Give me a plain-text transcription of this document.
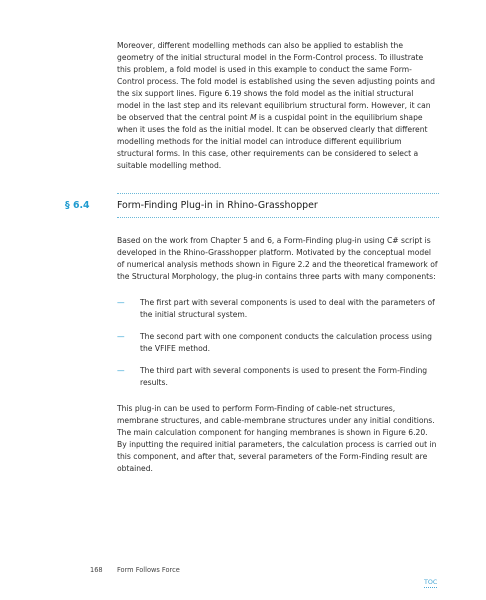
Moreover, different modelling methods can also be applied to establish the geometry of the initial structural model in the Form-Control process. To illustrate this problem, a fold model is used in this example to conduct the same Form-Control process. The fold model is established using the seven adjusting points and the six support lines. Figure 6.19 shows the fold model as the initial structural model in the last step and its relevant equilibrium structural form. However, it can be observed that the central point M is a cuspidal point in the equilibrium shape when it uses the fold as the initial model. It can be observed clearly that different modelling methods for the initial model can introduce different equilibrium structural forms. In this case, other requirements can be considered to select a suitable modelling method.

§ 6.4	Form-Finding Plug-in in Rhino-Grasshopper

Based on the work from Chapter 5 and 6, a Form-Finding plug-in using C# script is developed in the Rhino-Grasshopper platform. Motivated by the conceptual model of numerical analysis methods shown in Figure 2.2 and the theoretical framework of the Structural Morphology, the plug-in contains three parts with many components:

—	The first part with several components is used to deal with the parameters of the initial structural system.
—	The second part with one component conducts the calculation process using the VFIFE method.
—	The third part with several components is used to present the Form-Finding results.

This plug-in can be used to perform Form-Finding of cable-net structures, membrane structures, and cable-membrane structures under any initial conditions. The main calculation component for hanging membranes is shown in Figure 6.20. By inputting the required initial parameters, the calculation process is carried out in this component, and after that, several parameters of the Form-Finding result are obtained.

168 Form Follows Force
TOC
